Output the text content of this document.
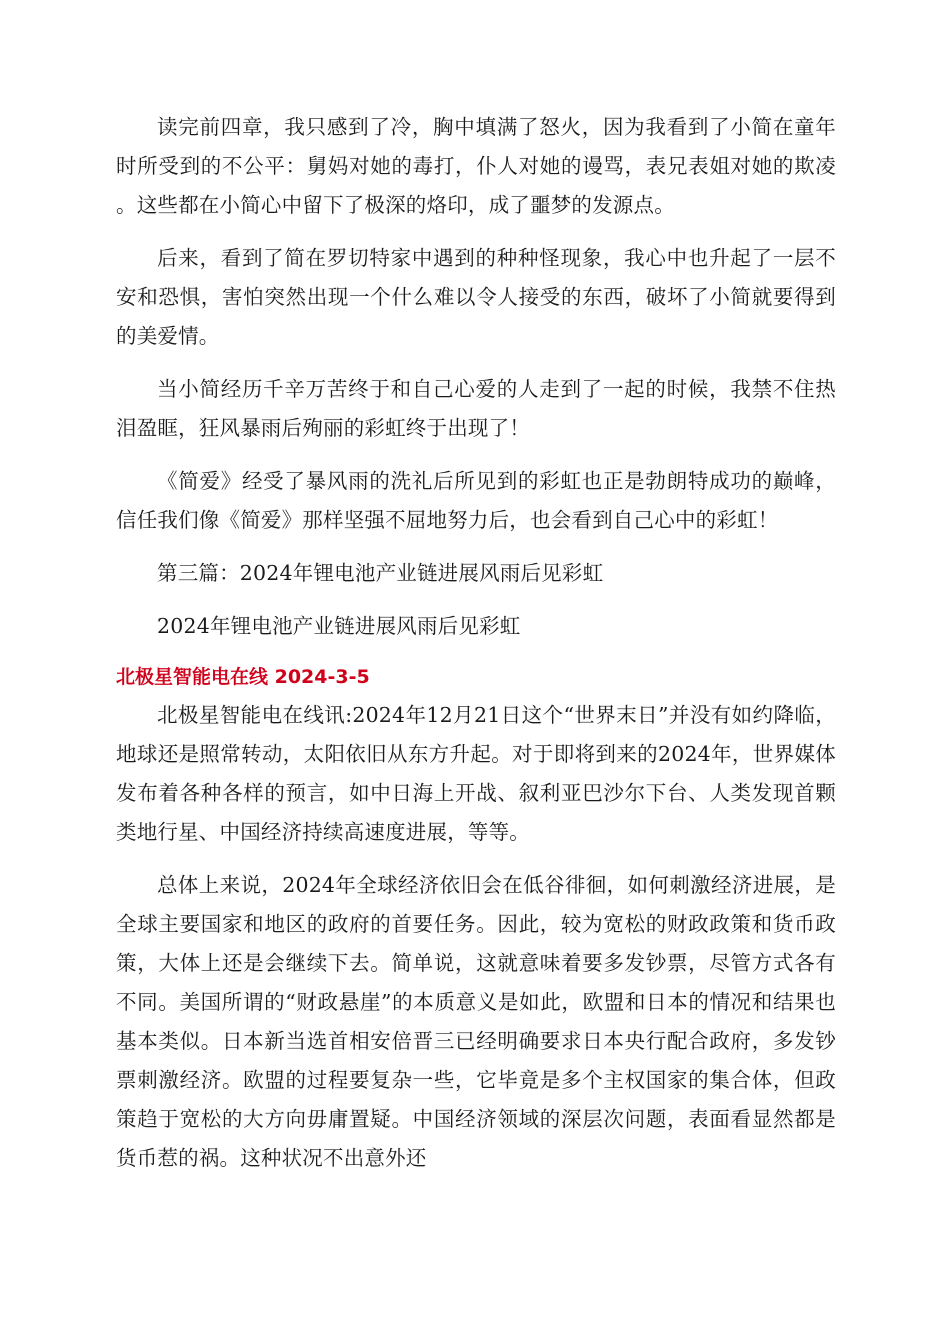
读完前四章，我只感到了冷，胸中填满了怒火，因为我看到了小简在童年时所受到的不公平：舅妈对她的毒打，仆人对她的谩骂，表兄表姐对她的欺凌。这些都在小简心中留下了极深的烙印，成了噩梦的发源点。

后来，看到了简在罗切特家中遇到的种种怪现象，我心中也升起了一层不安和恐惧，害怕突然出现一个什么难以令人接受的东西，破坏了小简就要得到的美爱情。

当小简经历千辛万苦终于和自己心爱的人走到了一起的时候，我禁不住热泪盈眶，狂风暴雨后殉丽的彩虹终于出现了！

《简爱》经受了暴风雨的洗礼后所见到的彩虹也正是勃朗特成功的巅峰，信任我们像《简爱》那样坚强不屈地努力后，也会看到自己心中的彩虹！

第三篇：2024年锂电池产业链进展风雨后见彩虹

2024年锂电池产业链进展风雨后见彩虹

北极星智能电在线 2024-3-5

北极星智能电在线讯:2024年12月21日这个“世界末日”并没有如约降临，地球还是照常转动，太阳依旧从东方升起。对于即将到来的2024年，世界媒体发布着各种各样的预言，如中日海上开战、叙利亚巴沙尔下台、人类发现首颗类地行星、中国经济持续高速度进展，等等。

总体上来说，2024年全球经济依旧会在低谷徘徊，如何刺激经济进展，是全球主要国家和地区的政府的首要任务。因此，较为宽松的财政政策和货币政策，大体上还是会继续下去。简单说，这就意味着要多发钞票，尽管方式各有不同。美国所谓的“财政悬崖”的本质意义是如此，欧盟和日本的情况和结果也基本类似。日本新当选首相安倍晋三已经明确要求日本央行配合政府，多发钞票刺激经济。欧盟的过程要复杂一些，它毕竟是多个主权国家的集合体，但政策趋于宽松的大方向毋庸置疑。中国经济领域的深层次问题，表面看显然都是货币惹的祸。这种状况不出意外还
